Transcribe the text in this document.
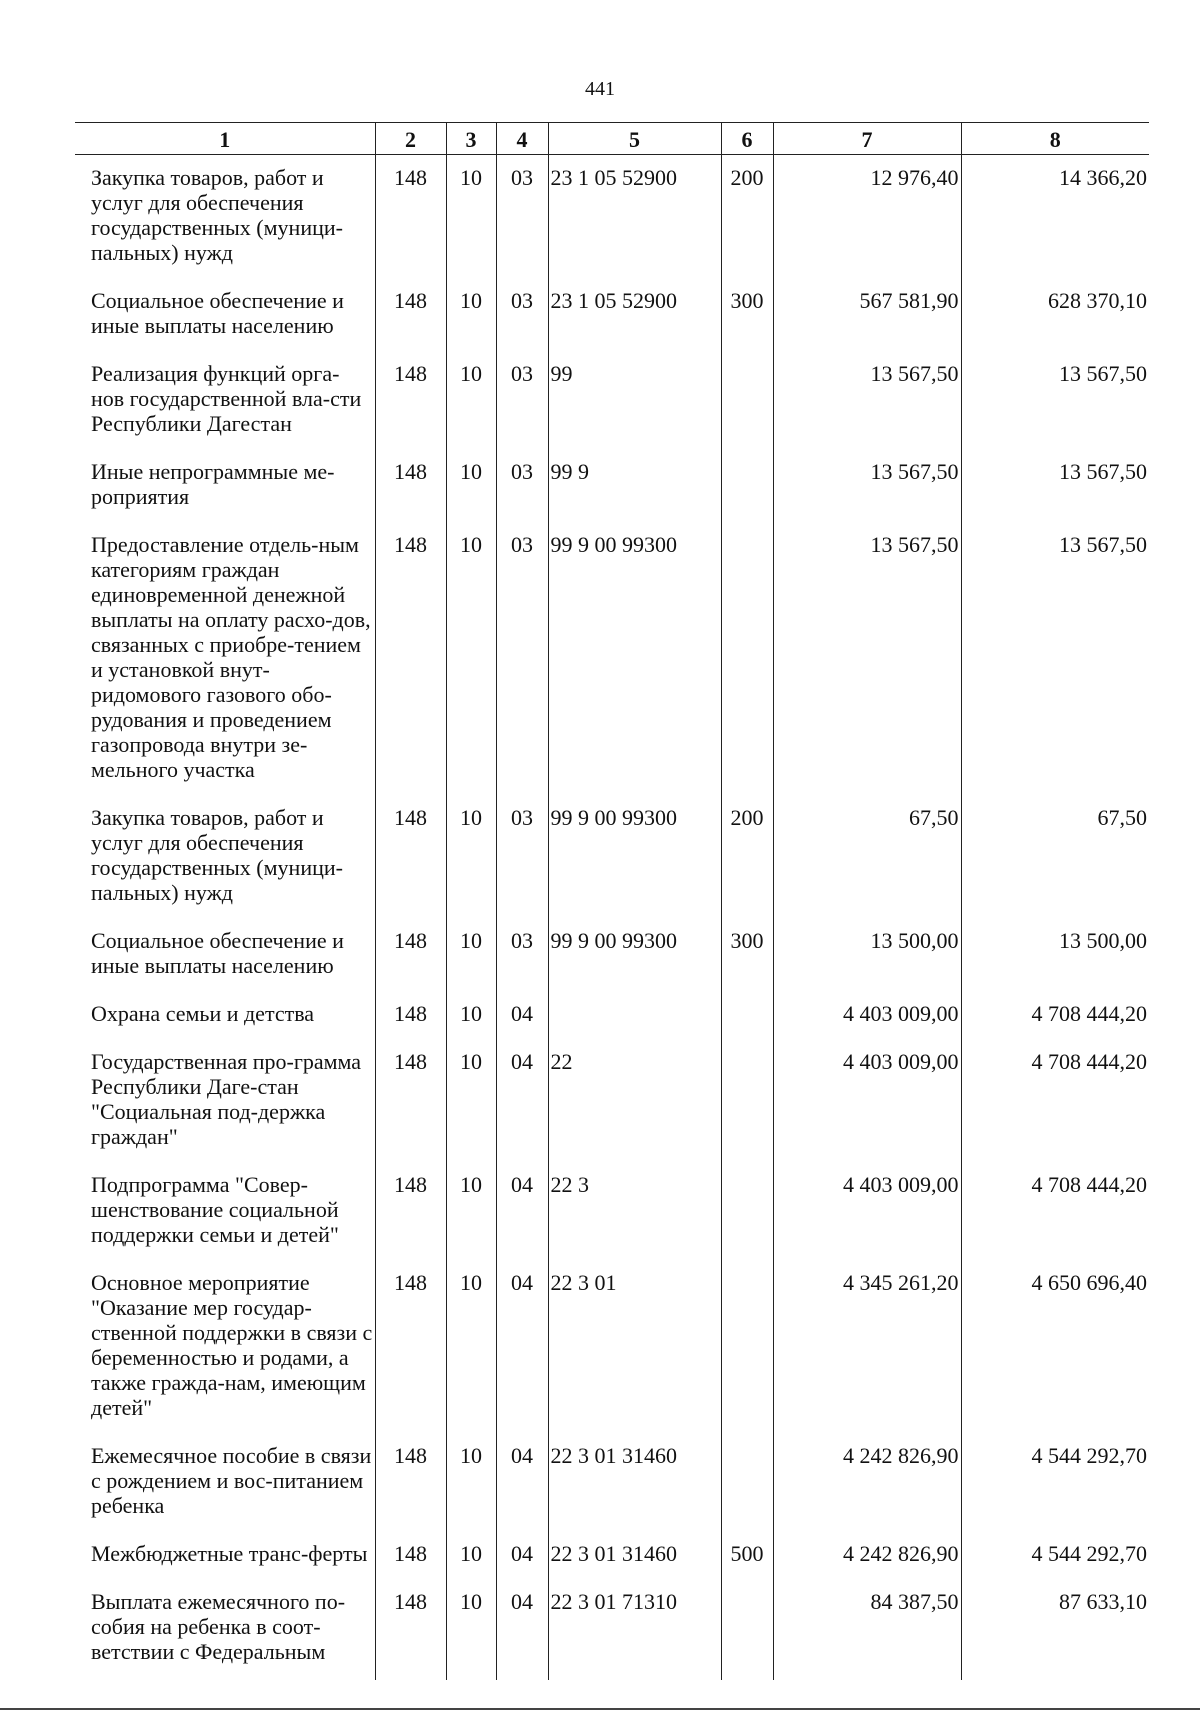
441
1	2	3	4	5	6	7	8
Закупка товаров, работ и услуг для обеспечения государственных (муници-пальных) нужд	148	10	03	23 1 05 52900	200	12 976,40	14 366,20
Социальное обеспечение и иные выплаты населению	148	10	03	23 1 05 52900	300	567 581,90	628 370,10
Реализация функций орга-нов государственной вла-сти Республики Дагестан	148	10	03	99		13 567,50	13 567,50
Иные непрограммные ме-роприятия	148	10	03	99 9		13 567,50	13 567,50
Предоставление отдель-ным категориям граждан единовременной денежной выплаты на оплату расхо-дов, связанных с приобре-тением и установкой внут-ридомового газового обо-рудования и проведением газопровода внутри зе-мельного участка	148	10	03	99 9 00 99300		13 567,50	13 567,50
Закупка товаров, работ и услуг для обеспечения государственных (муници-пальных) нужд	148	10	03	99 9 00 99300	200	67,50	67,50
Социальное обеспечение и иные выплаты населению	148	10	03	99 9 00 99300	300	13 500,00	13 500,00
Охрана семьи и детства	148	10	04			4 403 009,00	4 708 444,20
Государственная про-грамма Республики Даге-стан "Социальная под-держка граждан"	148	10	04	22		4 403 009,00	4 708 444,20
Подпрограмма "Совер-шенствование социальной поддержки семьи и детей"	148	10	04	22 3		4 403 009,00	4 708 444,20
Основное мероприятие "Оказание мер государ-ственной поддержки в связи с беременностью и родами, а также гражда-нам, имеющим детей"	148	10	04	22 3 01		4 345 261,20	4 650 696,40
Ежемесячное пособие в связи с рождением и вос-питанием ребенка	148	10	04	22 3 01 31460		4 242 826,90	4 544 292,70
Межбюджетные транс-ферты	148	10	04	22 3 01 31460	500	4 242 826,90	4 544 292,70
Выплата ежемесячного по-собия на ребенка в соот-ветствии с Федеральным	148	10	04	22 3 01 71310		84 387,50	87 633,10
